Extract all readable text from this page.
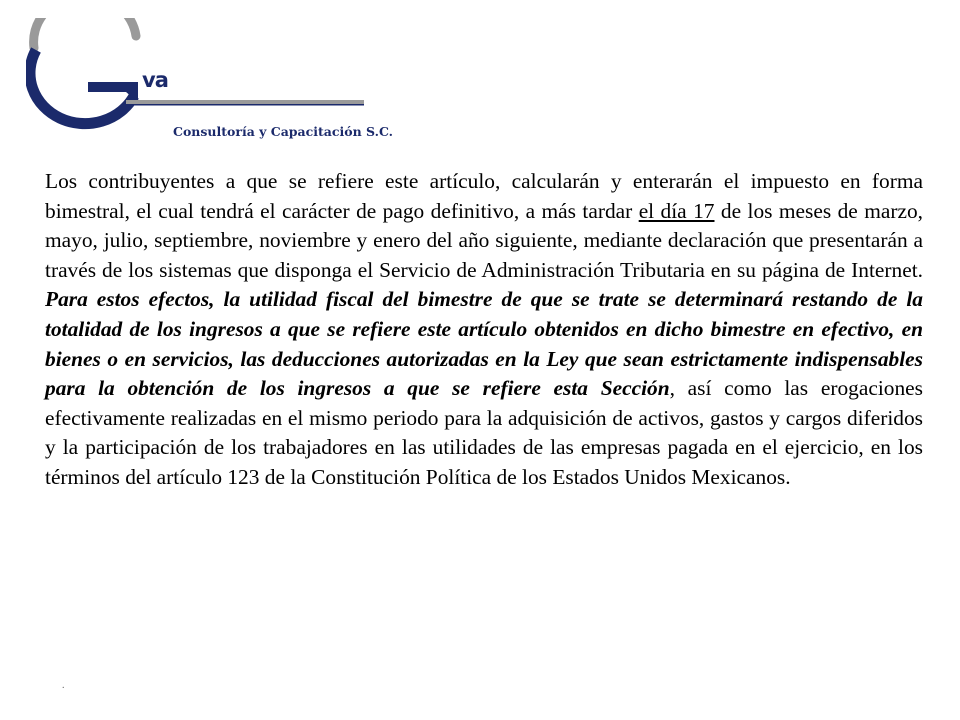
va
Consultoría y Capacitación S.C.

Los contribuyentes a que se refiere este artículo, calcularán y enterarán el impuesto en forma bimestral, el cual tendrá el carácter de pago definitivo, a más tardar el día 17 de los meses de marzo, mayo, julio, septiembre, noviembre y enero del año siguiente, mediante declaración que presentarán a través de los sistemas que disponga el Servicio de Administración Tributaria en su página de Internet. Para estos efectos, la utilidad fiscal del bimestre de que se trate se determinará restando de la totalidad de los ingresos a que se refiere este artículo obtenidos en dicho bimestre en efectivo, en bienes o en servicios, las deducciones autorizadas en la Ley que sean estrictamente indispensables para la obtención de los ingresos a que se refiere esta Sección, así como las erogaciones efectivamente realizadas en el mismo periodo para la adquisición de activos, gastos y cargos diferidos y la participación de los trabajadores en las utilidades de las empresas pagada en el ejercicio, en los términos del artículo 123 de la Constitución Política de los Estados Unidos Mexicanos.

.
